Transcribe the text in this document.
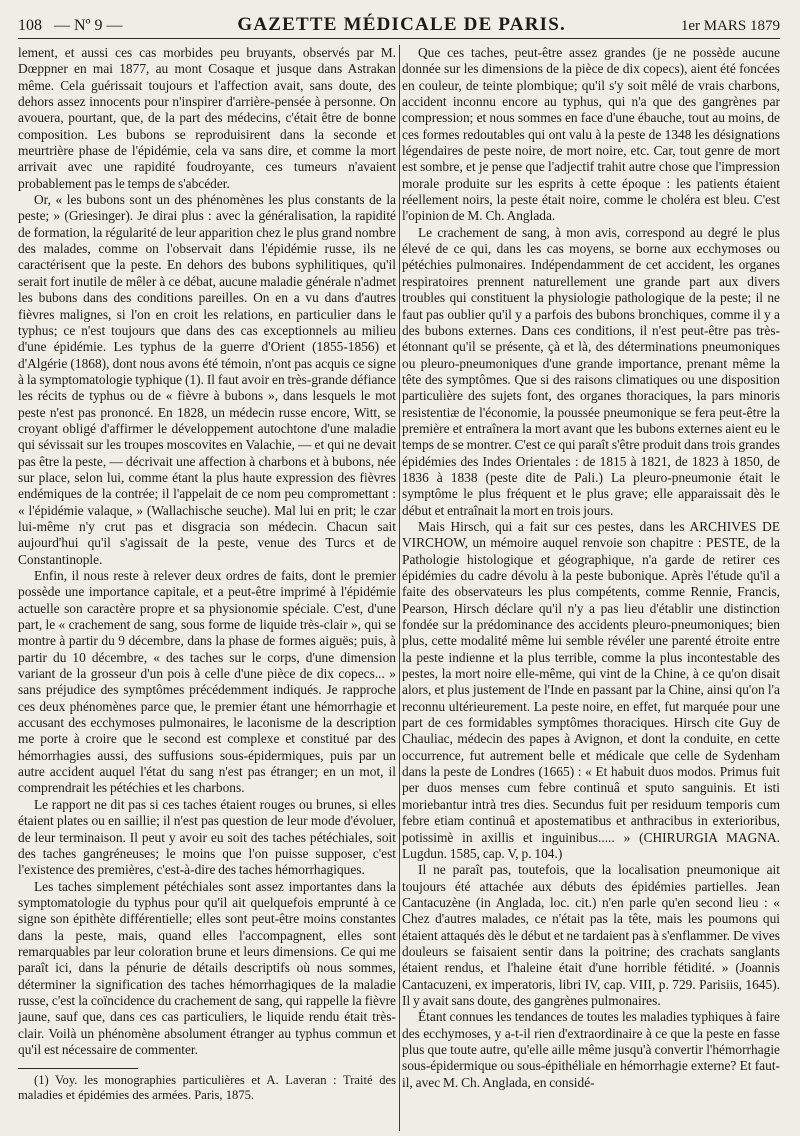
108 — Nº 9 —	GAZETTE MÉDICALE DE PARIS.	1er MARS 1879

lement, et aussi ces cas morbides peu bruyants, observés par M. Dœppner en mai 1877, au mont Cosaque et jusque dans Astrakan même. Cela guérissait toujours et l'affection avait, sans doute, des dehors assez innocents pour n'inspirer d'arrière-pensée à personne. On avouera, pourtant, que, de la part des médecins, c'était être de bonne composition. Les bubons se reproduisirent dans la seconde et meurtrière phase de l'épidémie, cela va sans dire, et comme la mort arrivait avec une rapidité foudroyante, ces tumeurs n'avaient probablement pas le temps de s'abcéder.

Or, « les bubons sont un des phénomènes les plus constants de la peste; » (Griesinger). Je dirai plus : avec la généralisation, la rapidité de formation, la régularité de leur apparition chez le plus grand nombre des malades, comme on l'observait dans l'épidémie russe, ils ne caractérisent que la peste. En dehors des bubons syphilitiques, qu'il serait fort inutile de mêler à ce débat, aucune maladie générale n'admet les bubons dans des conditions pareilles. On en a vu dans d'autres fièvres malignes, si l'on en croit les relations, en particulier dans le typhus; ce n'est toujours que dans des cas exceptionnels au milieu d'une épidémie. Les typhus de la guerre d'Orient (1855-1856) et d'Algérie (1868), dont nous avons été témoin, n'ont pas acquis ce signe à la symptomatologie typhique (1). Il faut avoir en très-grande défiance les récits de typhus ou de « fièvre à bubons », dans lesquels le mot peste n'est pas prononcé. En 1828, un médecin russe encore, Witt, se croyant obligé d'affirmer le développement autochtone d'une maladie qui sévissait sur les troupes moscovites en Valachie, — et qui ne devait pas être la peste, — décrivait une affection à charbons et à bubons, née sur place, selon lui, comme étant la plus haute expression des fièvres endémiques de la contrée; il l'appelait de ce nom peu compromettant : « l'épidémie valaque, » (Wallachische seuche). Mal lui en prit; le czar lui-même n'y crut pas et disgracia son médecin. Chacun sait aujourd'hui qu'il s'agissait de la peste, venue des Turcs et de Constantinople.

Enfin, il nous reste à relever deux ordres de faits, dont le premier possède une importance capitale, et a peut-être imprimé à l'épidémie actuelle son caractère propre et sa physionomie spéciale. C'est, d'une part, le « crachement de sang, sous forme de liquide très-clair », qui se montre à partir du 9 décembre, dans la phase de formes aiguës; puis, à partir du 10 décembre, « des taches sur le corps, d'une dimension variant de la grosseur d'un pois à celle d'une pièce de dix copecs... » sans préjudice des symptômes précédemment indiqués. Je rapproche ces deux phénomènes parce que, le premier étant une hémorrhagie et accusant des ecchymoses pulmonaires, le laconisme de la description me porte à croire que le second est complexe et constitué par des hémorrhagies aussi, des suffusions sous-épidermiques, puis par un autre accident auquel l'état du sang n'est pas étranger; en un mot, il comprendrait les pétéchies et les charbons.

Le rapport ne dit pas si ces taches étaient rouges ou brunes, si elles étaient plates ou en saillie; il n'est pas question de leur mode d'évoluer, de leur terminaison. Il peut y avoir eu soit des taches pétéchiales, soit des taches gangréneuses; le moins que l'on puisse supposer, c'est l'existence des premières, c'est-à-dire des taches hémorrhagiques.

Les taches simplement pétéchiales sont assez importantes dans la symptomatologie du typhus pour qu'il ait quelquefois emprunté à ce signe son épithète différentielle; elles sont peut-être moins constantes dans la peste, mais, quand elles l'accompagnent, elles sont remarquables par leur coloration brune et leurs dimensions. Ce qui me paraît ici, dans la pénurie de détails descriptifs où nous sommes, déterminer la signification des taches hémorrhagiques de la maladie russe, c'est la coïncidence du crachement de sang, qui rappelle la fièvre jaune, sauf que, dans ces cas particuliers, le liquide rendu était très-clair. Voilà un phénomène absolument étranger au typhus commun et qu'il est nécessaire de commenter.

(1) Voy. les monographies particulières et A. Laveran : Traité des maladies et épidémies des armées. Paris, 1875.

Que ces taches, peut-être assez grandes (je ne possède aucune donnée sur les dimensions de la pièce de dix copecs), aient été foncées en couleur, de teinte plombique; qu'il s'y soit mêlé de vrais charbons, accident inconnu encore au typhus, qui n'a que des gangrènes par compression; et nous sommes en face d'une ébauche, tout au moins, de ces formes redoutables qui ont valu à la peste de 1348 les désignations légendaires de peste noire, de mort noire, etc. Car, tout genre de mort est sombre, et je pense que l'adjectif trahit autre chose que l'impression morale produite sur les esprits à cette époque : les patients étaient réellement noirs, la peste était noire, comme le choléra est bleu. C'est l'opinion de M. Ch. Anglada.

Le crachement de sang, à mon avis, correspond au degré le plus élevé de ce qui, dans les cas moyens, se borne aux ecchymoses ou pétéchies pulmonaires. Indépendamment de cet accident, les organes respiratoires prennent naturellement une grande part aux divers troubles qui constituent la physiologie pathologique de la peste; il ne faut pas oublier qu'il y a parfois des bubons bronchiques, comme il y a des bubons externes. Dans ces conditions, il n'est peut-être pas très-étonnant qu'il se présente, çà et là, des déterminations pneumoniques ou pleuro-pneumoniques d'une grande importance, prenant même la tête des symptômes. Que si des raisons climatiques ou une disposition particulière des sujets font, des organes thoraciques, la pars minoris resistentiæ de l'économie, la poussée pneumonique se fera peut-être la première et entraînera la mort avant que les bubons externes aient eu le temps de se montrer. C'est ce qui paraît s'être produit dans trois grandes épidémies des Indes Orientales : de 1815 à 1821, de 1823 à 1850, de 1836 à 1838 (peste dite de Pali.) La pleuro-pneumonie était le symptôme le plus fréquent et le plus grave; elle apparaissait dès le début et entraînait la mort en trois jours.

Mais Hirsch, qui a fait sur ces pestes, dans les ARCHIVES DE VIRCHOW, un mémoire auquel renvoie son chapitre : PESTE, de la Pathologie histologique et géographique, n'a garde de retirer ces épidémies du cadre dévolu à la peste bubonique. Après l'étude qu'il a faite des observateurs les plus compétents, comme Rennie, Francis, Pearson, Hirsch déclare qu'il n'y a pas lieu d'établir une distinction fondée sur la prédominance des accidents pleuro-pneumoniques; bien plus, cette modalité même lui semble révéler une parenté étroite entre la peste indienne et la plus terrible, comme la plus incontestable des pestes, la mort noire elle-même, qui vint de la Chine, à ce qu'on disait alors, et plus justement de l'Inde en passant par la Chine, ainsi qu'on l'a reconnu ultérieurement. La peste noire, en effet, fut marquée pour une part de ces formidables symptômes thoraciques. Hirsch cite Guy de Chauliac, médecin des papes à Avignon, et dont la conduite, en cette occurrence, fut autrement belle et médicale que celle de Sydenham dans la peste de Londres (1665) : « Et habuit duos modos. Primus fuit per duos menses cum febre continuâ et sputo sanguinis. Et isti moriebantur intrà tres dies. Secundus fuit per residuum temporis cum febre etiam continuâ et apostematibus et anthracibus in exterioribus, potissimè in axillis et inguinibus..... » (CHIRURGIA MAGNA. Lugdun. 1585, cap. V, p. 104.)

Il ne paraît pas, toutefois, que la localisation pneumonique ait toujours été attachée aux débuts des épidémies partielles. Jean Cantacuzène (in Anglada, loc. cit.) n'en parle qu'en second lieu : « Chez d'autres malades, ce n'était pas la tête, mais les poumons qui étaient attaqués dès le début et ne tardaient pas à s'enflammer. De vives douleurs se faisaient sentir dans la poitrine; des crachats sanglants étaient rendus, et l'haleine était d'une horrible fétidité. » (Joannis Cantacuzeni, ex imperatoris, libri IV, cap. VIII, p. 729. Parisiis, 1645). Il y avait sans doute, des gangrènes pulmonaires.

Étant connues les tendances de toutes les maladies typhiques à faire des ecchymoses, y a-t-il rien d'extraordinaire à ce que la peste en fasse plus que toute autre, qu'elle aille même jusqu'à convertir l'hémorrhagie sous-épidermique ou sous-épithéliale en hémorrhagie externe? Et faut-il, avec M. Ch. Anglada, en considé-
